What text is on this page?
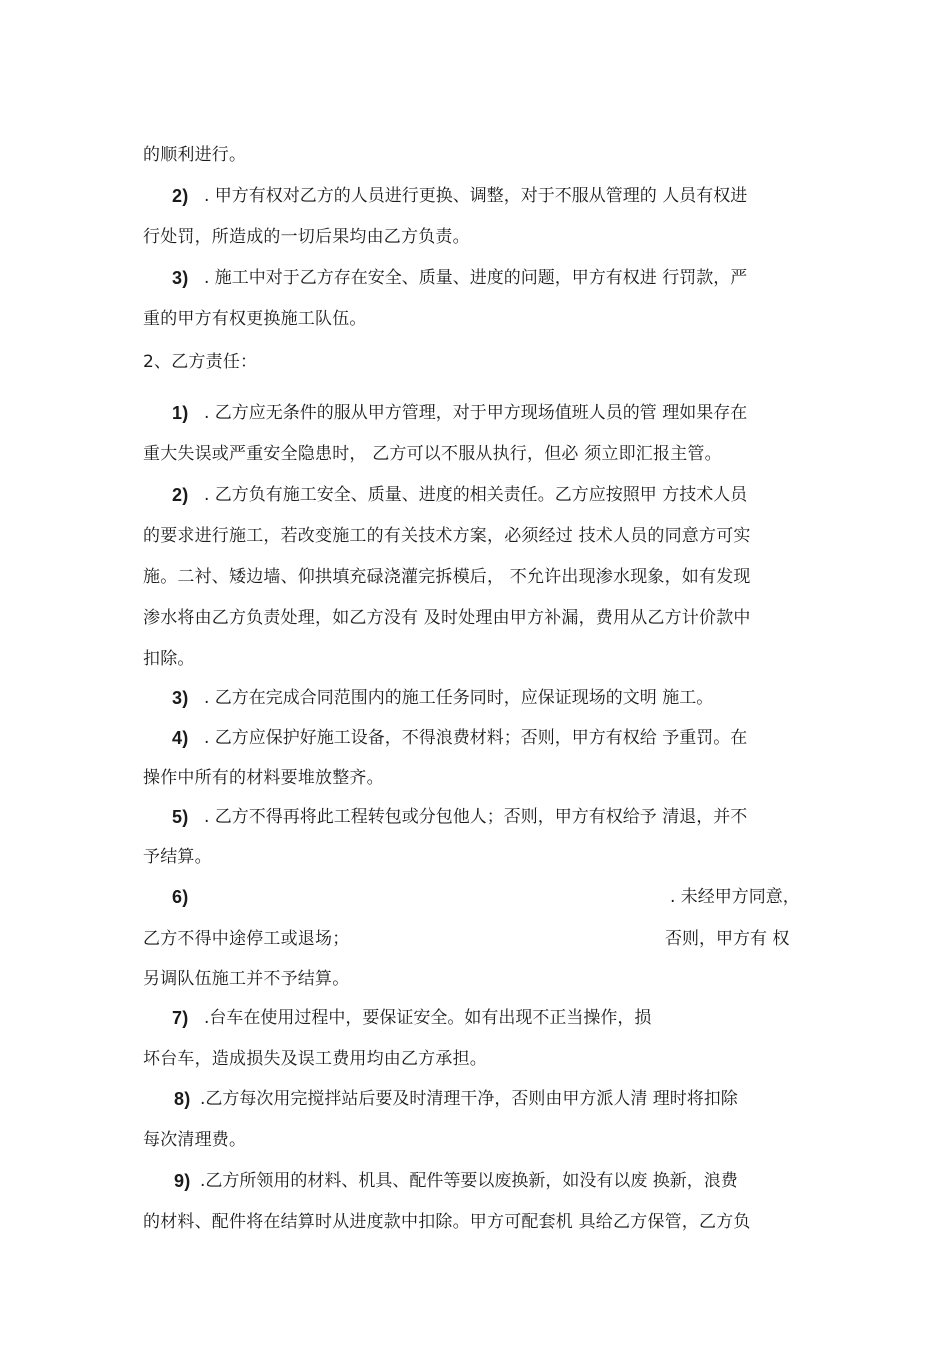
的顺利进行。
2) . 甲方有权对乙方的人员进行更换、调整，对于不服从管理的 人员有权进
行处罚，所造成的一切后果均由乙方负责。
3) . 施工中对于乙方存在安全、质量、进度的问题，甲方有权进 行罚款，严
重的甲方有权更换施工队伍。
2、乙方责任：
1) . 乙方应无条件的服从甲方管理，对于甲方现场值班人员的管 理如果存在
重大失误或严重安全隐患时， 乙方可以不服从执行，但必 须立即汇报主管。
2) . 乙方负有施工安全、质量、进度的相关责任。乙方应按照甲 方技术人员
的要求进行施工，若改变施工的有关技术方案，必须经过 技术人员的同意方可实
施。二衬、矮边墙、仰拱填充碌浇灌完拆模后， 不允许出现渗水现象，如有发现
渗水将由乙方负责处理，如乙方没有 及时处理由甲方补漏，费用从乙方计价款中
扣除。
3) . 乙方在完成合同范围内的施工任务同时，应保证现场的文明 施工。
4) . 乙方应保护好施工设备，不得浪费材料；否则，甲方有权给 予重罚。在
操作中所有的材料要堆放整齐。
5) . 乙方不得再将此工程转包或分包他人；否则，甲方有权给予 清退，并不
予结算。
6)	. 未经甲方同意，
乙方不得中途停工或退场；	否则，甲方有 权
另调队伍施工并不予结算。
7) .台车在使用过程中，要保证安全。如有出现不正当操作，损
坏台车，造成损失及误工费用均由乙方承担。
8) .乙方每次用完搅拌站后要及时清理干净，否则由甲方派人清 理时将扣除
每次清理费。
9) .乙方所领用的材料、机具、配件等要以废换新，如没有以废 换新，浪费
的材料、配件将在结算时从进度款中扣除。甲方可配套机 具给乙方保管，乙方负
